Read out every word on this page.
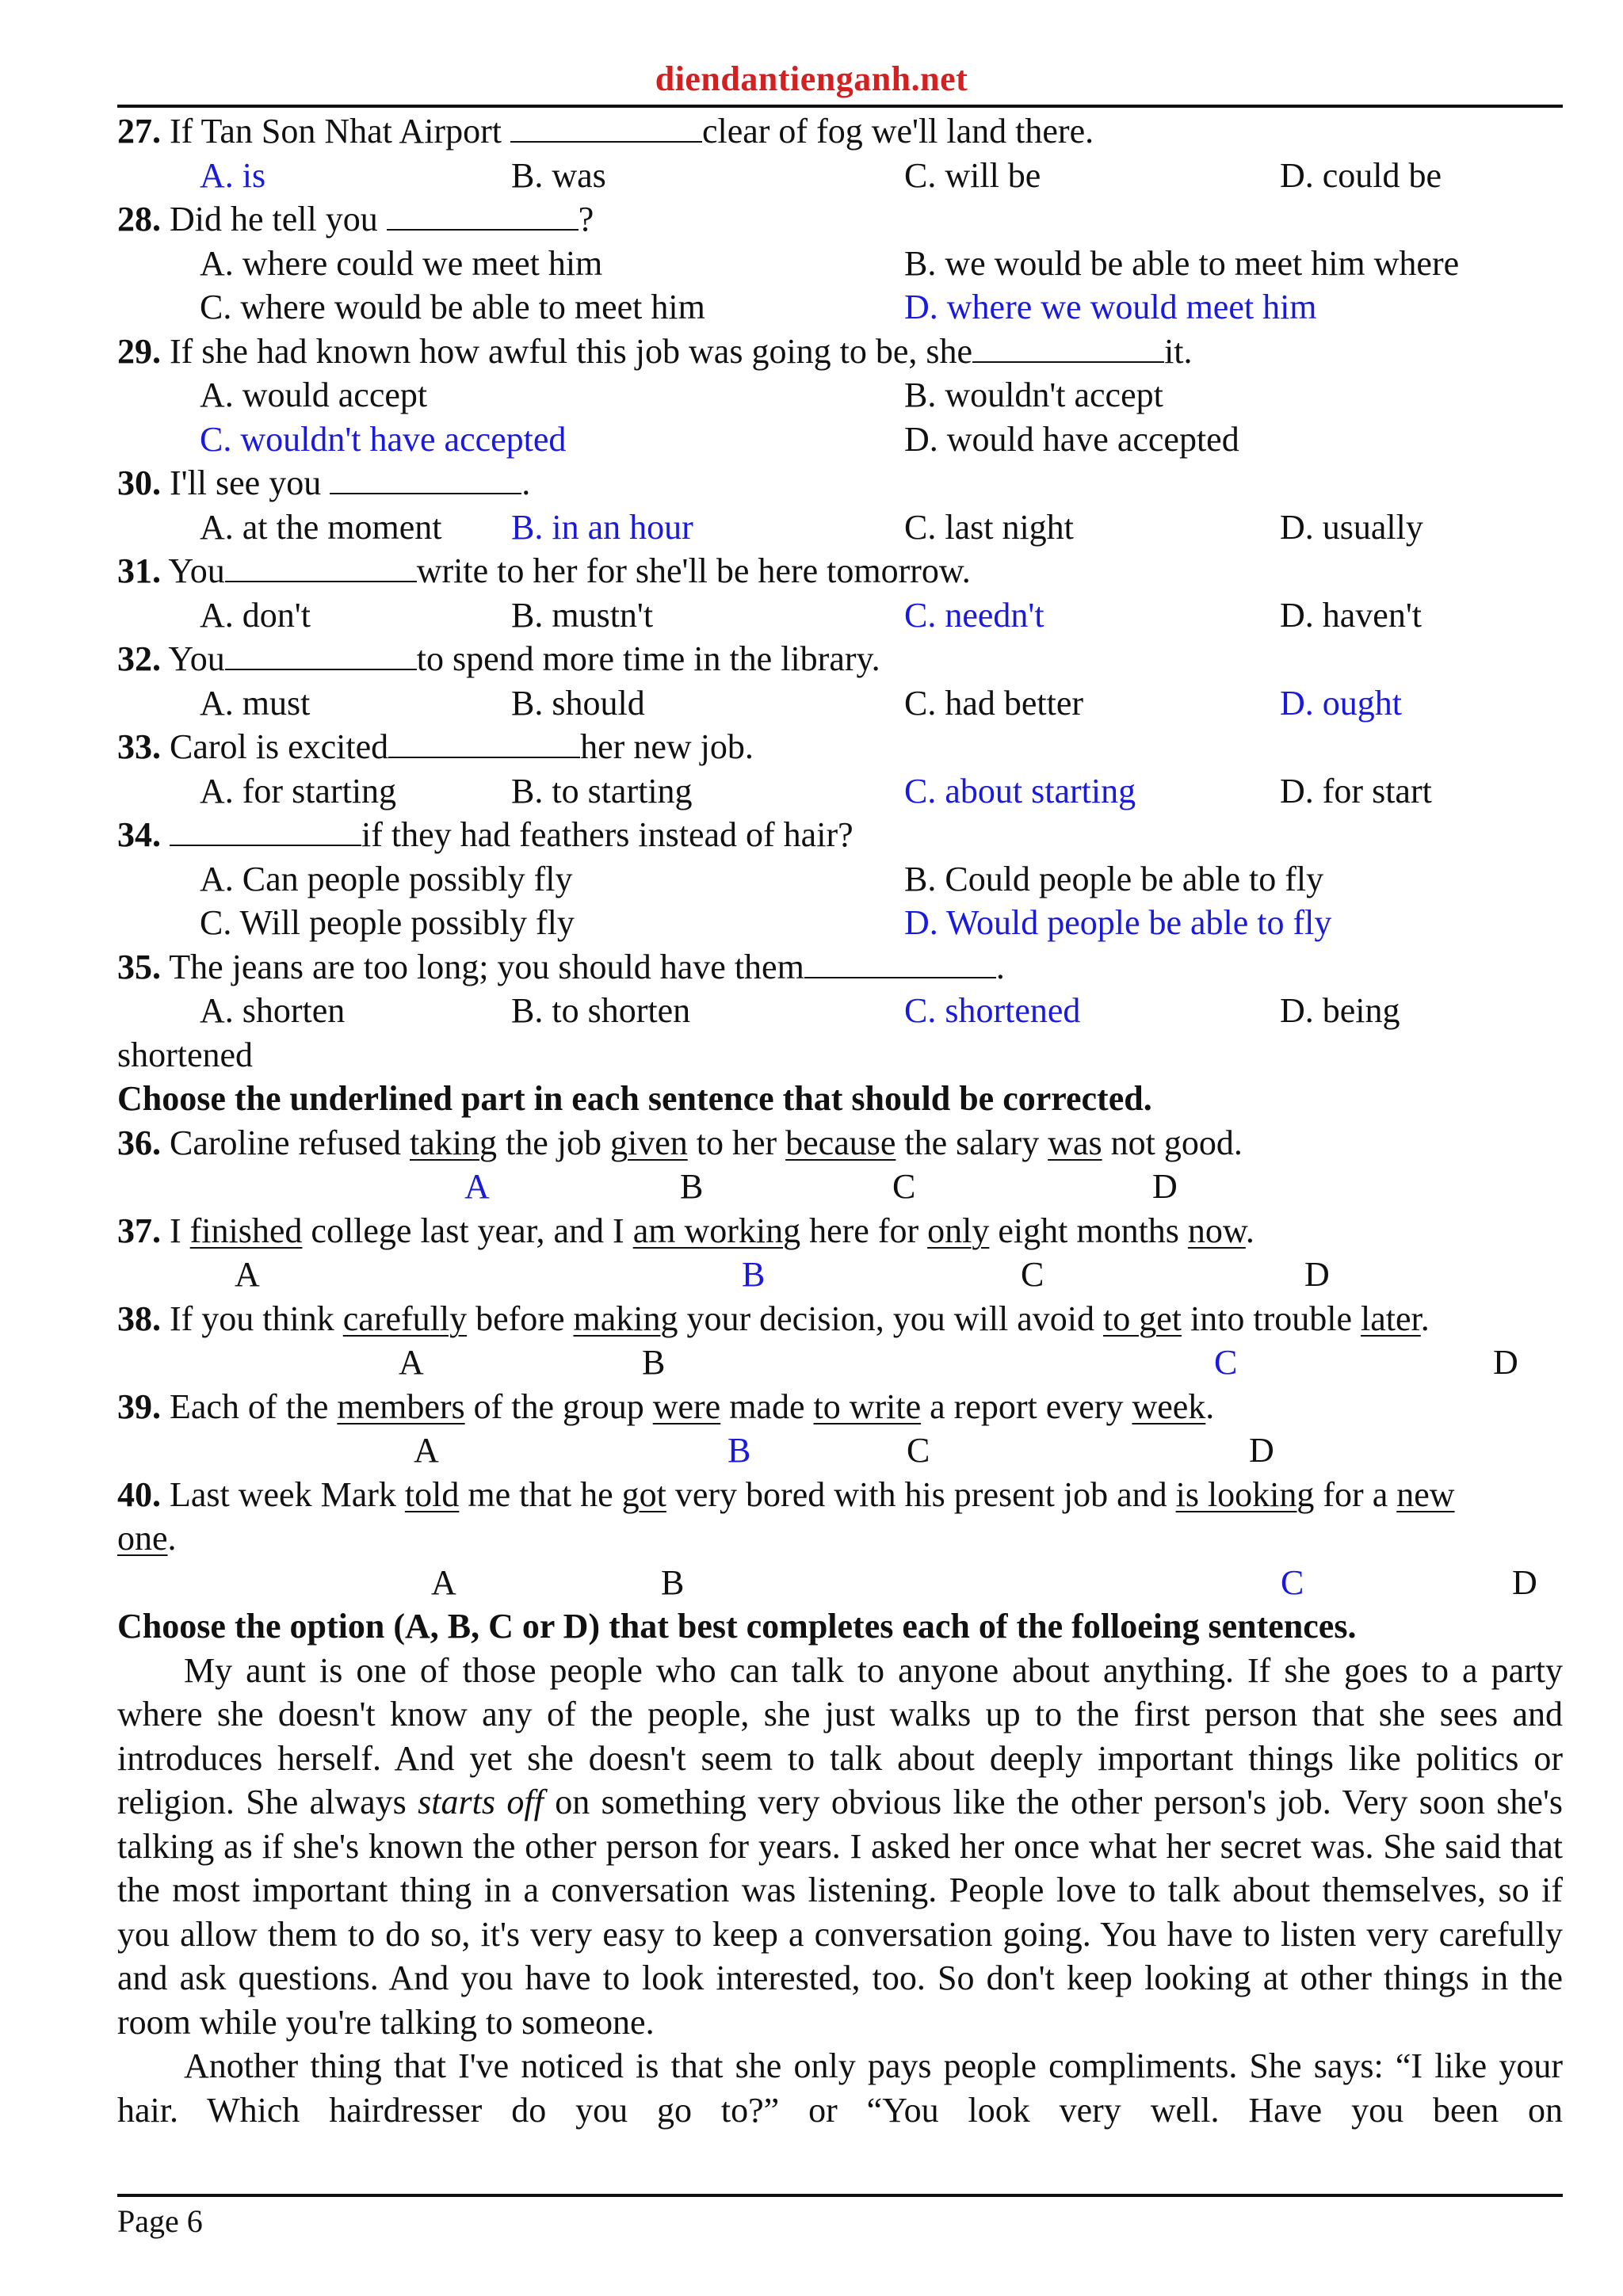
diendantienganh.net
27. If Tan Son Nhat Airport	clear of fog we'll land there.
A. is	B. was	C. will be	D. could be
28. Did he tell you	?
A. where could we meet him	B. we would be able to meet him where
C. where would be able to meet him	D. where we would meet him
29. If she had known how awful this job was going to be, she	it.
A. would accept	B. wouldn't accept
C. wouldn't have accepted	D. would have accepted
30. I'll see you	.
A. at the moment B. in an hour	C. last night	D. usually
31. You	write to her for she'll be here tomorrow.
A. don't	B. mustn't	C. needn't	D. haven't
32. You	to spend more time in the library.
A. must	B. should	C. had better	D. ought
33. Carol is excited	her new job.
A. for starting	B. to starting	C. about starting	D. for start
34.	if they had feathers instead of hair?
A. Can people possibly fly	B. Could people be able to fly
C. Will people possibly fly	D. Would people be able to fly
35. The jeans are too long; you should have them	.
A. shorten	B. to shorten	C. shortened	D. being
shortened
Choose the underlined part in each sentence that should be corrected.
36. Caroline refused taking the job given to her because the salary was not good.
A	B	C	D
37. I finished college last year, and I am working here for only eight months now.
A	B	C	D
38. If you think carefully before making your decision, you will avoid to get into trouble later.
A	B	C	D
39. Each of the members of the group were made to write a report every week.
A	B	C	D
40. Last week Mark told me that he got very bored with his present job and is looking for a new
one.
A	B	C	D
Choose the option (A, B, C or D) that best completes each of the folloeing sentences.

My aunt is one of those people who can talk to anyone about anything. If she goes to a party where she doesn't know any of the people, she just walks up to the first person that she sees and introduces herself. And yet she doesn't seem to talk about deeply important things like politics or religion. She always starts off on something very obvious like the other person's job. Very soon she's talking as if she's known the other person for years. I asked her once what her secret was. She said that the most important thing in a conversation was listening. People love to talk about themselves, so if you allow them to do so, it's very easy to keep a conversation going. You have to listen very carefully and ask questions. And you have to look interested, too. So don't keep looking at other things in the room while you're talking to someone.

Another thing that I've noticed is that she only pays people compliments. She says: “I like your hair. Which hairdresser do you go to?” or “You look very well. Have you been on

Page 6
